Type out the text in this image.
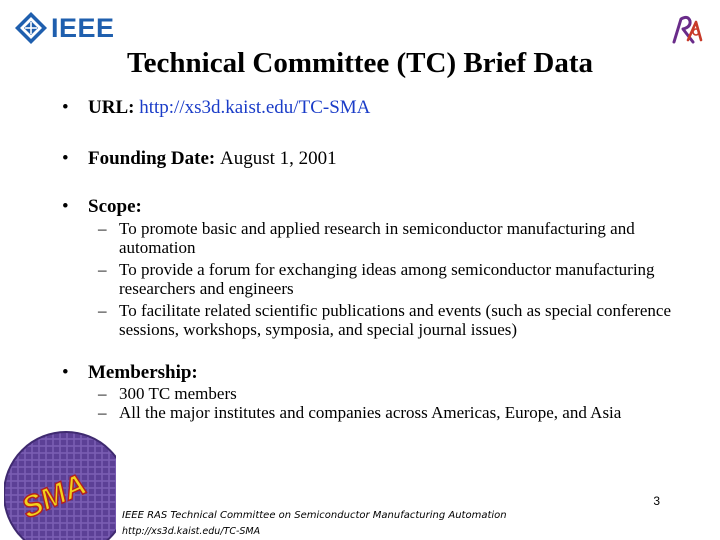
IEEE
Technical Committee (TC) Brief Data
• URL: http://xs3d.kaist.edu/TC-SMA
• Founding Date: August 1, 2001
• Scope:
– To promote basic and applied research in semiconductor manufacturing and automation
– To provide a forum for exchanging ideas among semiconductor manufacturing researchers and engineers
– To facilitate related scientific publications and events (such as special conference sessions, workshops, symposia, and special journal issues)
• Membership:
– 300 TC members
– All the major institutes and companies across Americas, Europe, and Asia
SMA	3
IEEE RAS Technical Committee on Semiconductor Manufacturing Automation
http://xs3d.kaist.edu/TC-SMA
